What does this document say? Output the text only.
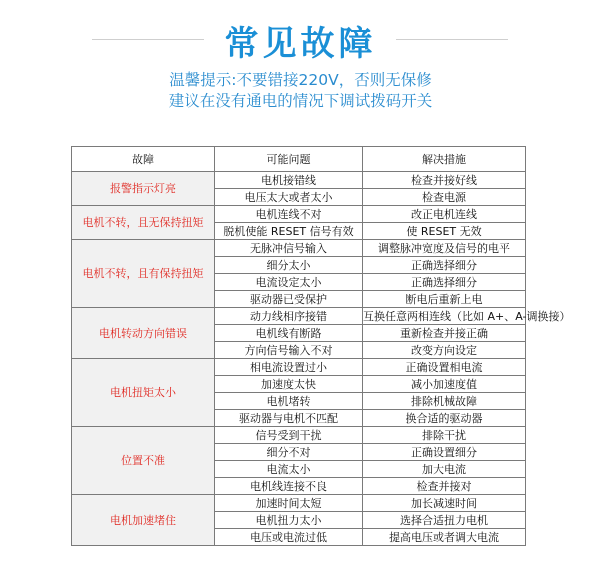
常见故障
温馨提示:不要错接220V，否则无保修
建议在没有通电的情况下调试拨码开关
故障	可能问题	解决措施
报警指示灯亮	电机接错线	检查并接好线
	电压太大或者太小	检查电源
电机不转，且无保持扭矩	电机连线不对	改正电机连线
	脱机使能 RESET 信号有效	使 RESET 无效
电机不转，且有保持扭矩	无脉冲信号输入	调整脉冲宽度及信号的电平
	细分太小	正确选择细分
	电流设定太小	正确选择细分
	驱动器已受保护	断电后重新上电
电机转动方向错误	动力线相序接错	互换任意两相连线（比如 A+、A-调换接）
	电机线有断路	重新检查并接正确
	方向信号输入不对	改变方向设定
电机扭矩太小	相电流设置过小	正确设置相电流
	加速度太快	减小加速度值
	电机堵转	排除机械故障
	驱动器与电机不匹配	换合适的驱动器
位置不准	信号受到干扰	排除干扰
	细分不对	正确设置细分
	电流太小	加大电流
	电机线连接不良	检查并接对
电机加速堵住	加速时间太短	加长减速时间
	电机扭力太小	选择合适扭力电机
	电压或电流过低	提高电压或者调大电流
